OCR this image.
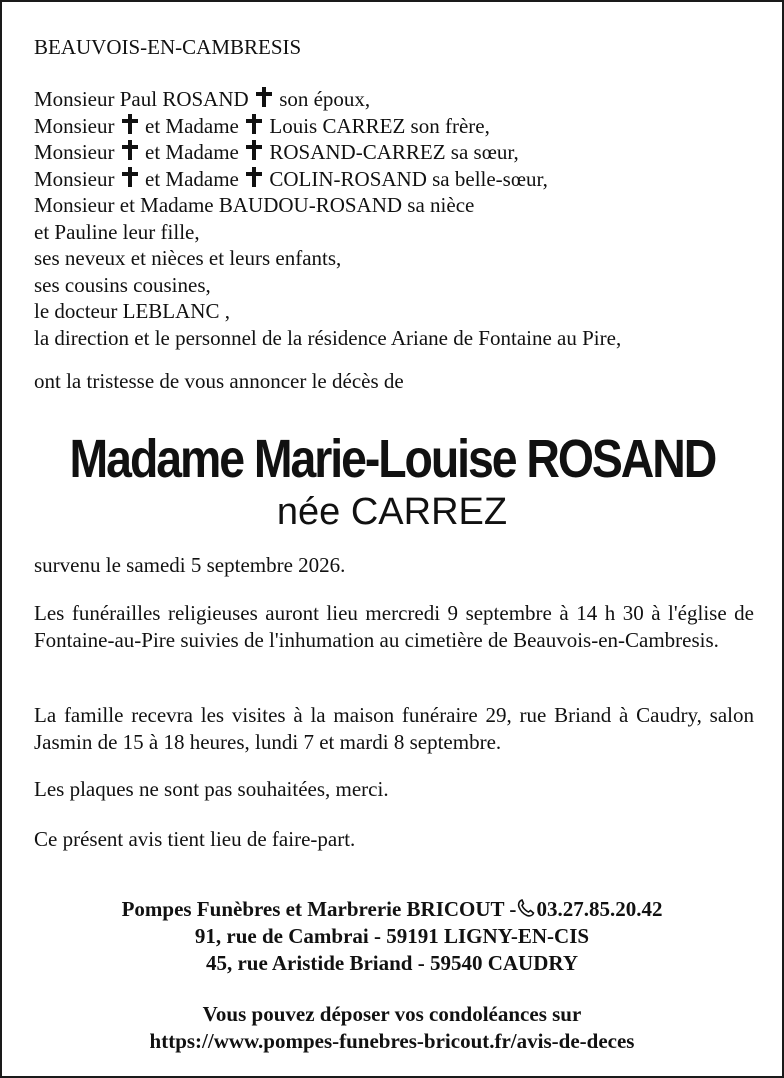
BEAUVOIS-EN-CAMBRESIS
Monsieur Paul ROSAND son époux,
Monsieur et Madame Louis CARREZ son frère,
Monsieur et Madame ROSAND-CARREZ sa sœur,
Monsieur et Madame COLIN-ROSAND sa belle-sœur,
Monsieur et Madame BAUDOU-ROSAND sa nièce
et Pauline leur fille,
ses neveux et nièces et leurs enfants,
ses cousins cousines,
le docteur LEBLANC ,
la direction et le personnel de la résidence Ariane de Fontaine au Pire,
ont la tristesse de vous annoncer le décès de
Madame Marie-Louise ROSAND
née CARREZ
survenu le samedi 5 septembre 2026.
Les funérailles religieuses auront lieu mercredi 9 septembre à 14 h 30 à l'église de Fontaine-au-Pire suivies de l'inhumation au cimetière de Beauvois-en-Cambresis.
La famille recevra les visites à la maison funéraire 29, rue Briand à Caudry, salon Jasmin de 15 à 18 heures, lundi 7 et mardi 8 septembre.
Les plaques ne sont pas souhaitées, merci.
Ce présent avis tient lieu de faire-part.
Pompes Funèbres et Marbrerie BRICOUT - 03.27.85.20.42
91, rue de Cambrai - 59191 LIGNY-EN-CIS
45, rue Aristide Briand - 59540 CAUDRY
Vous pouvez déposer vos condoléances sur
https://www.pompes-funebres-bricout.fr/avis-de-deces
